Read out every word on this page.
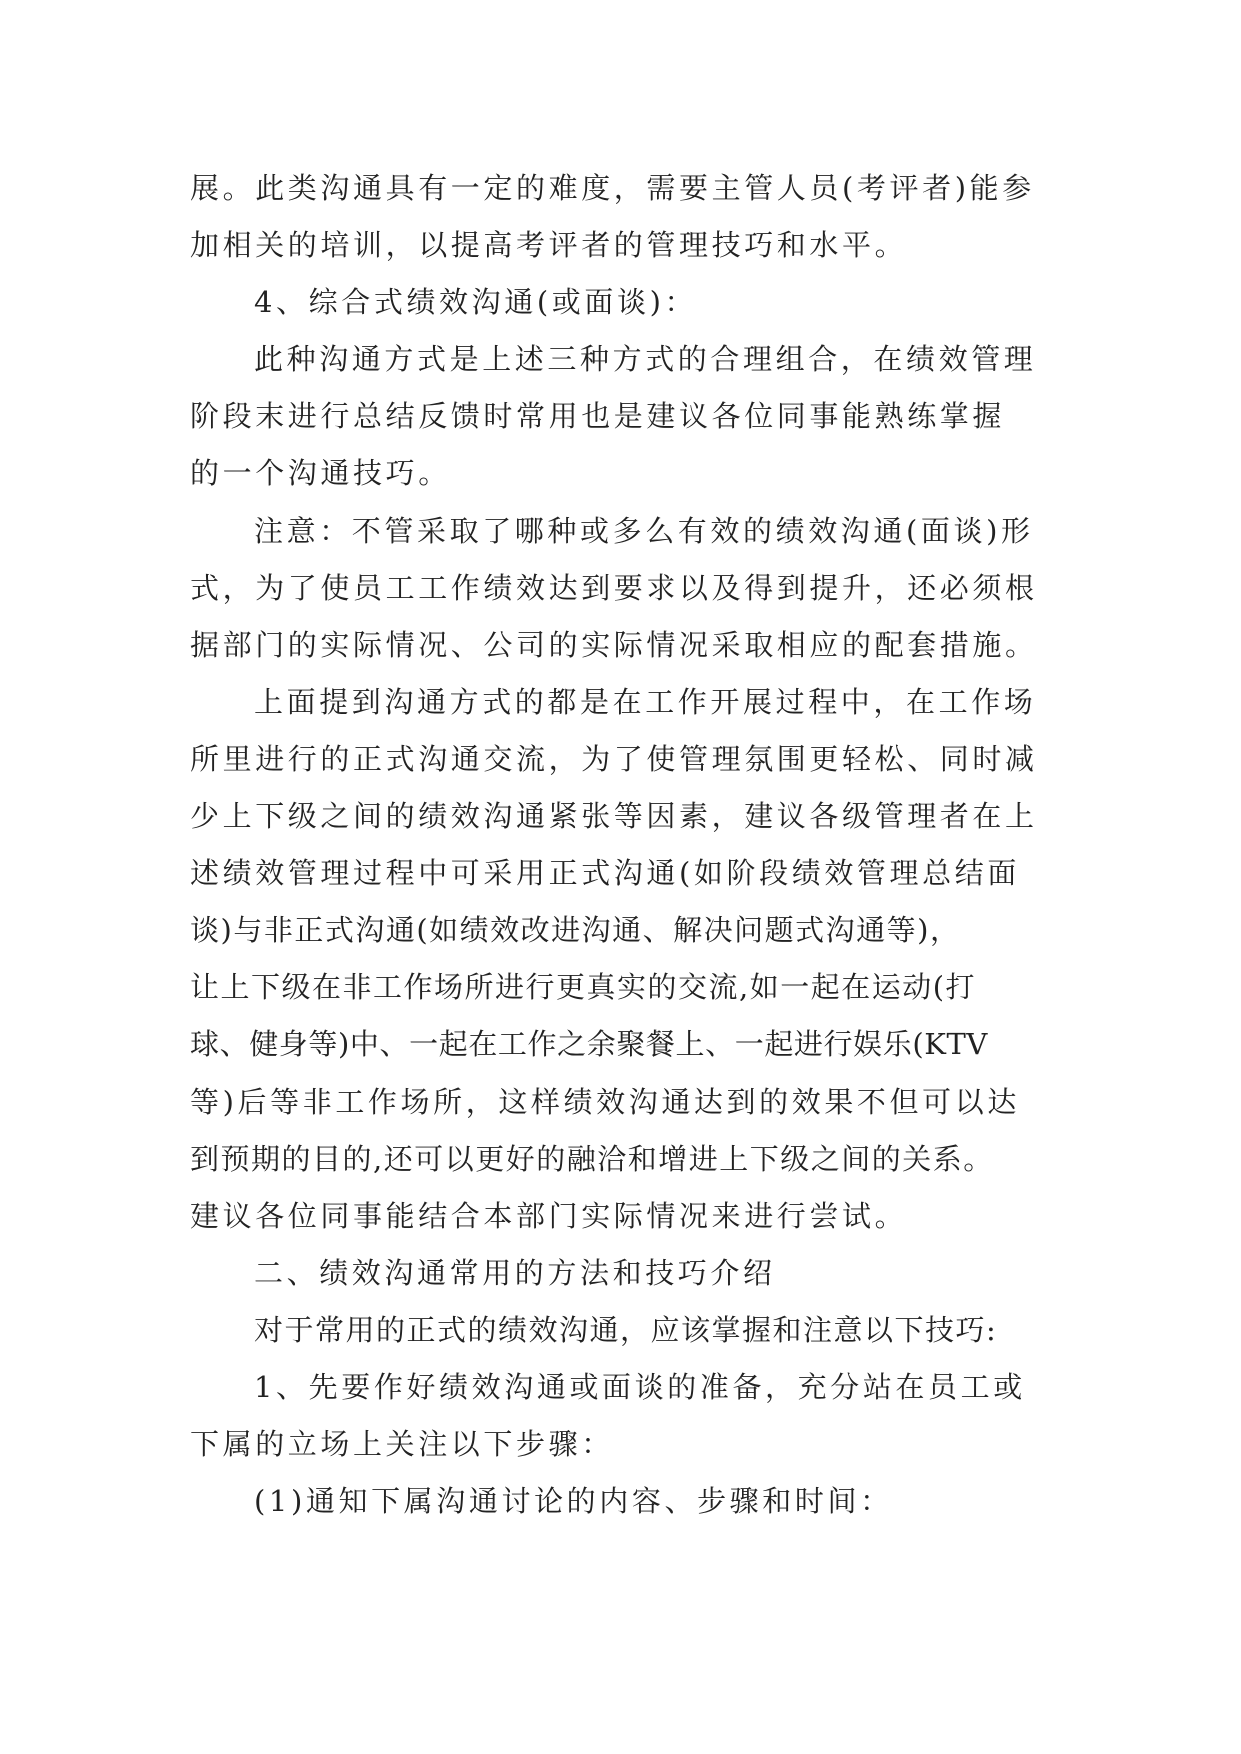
展。此类沟通具有一定的难度，需要主管人员(考评者)能参
加相关的培训，以提高考评者的管理技巧和水平。
4、综合式绩效沟通(或面谈)：
此种沟通方式是上述三种方式的合理组合，在绩效管理
阶段末进行总结反馈时常用也是建议各位同事能熟练掌握
的一个沟通技巧。
注意：不管采取了哪种或多么有效的绩效沟通(面谈)形
式，为了使员工工作绩效达到要求以及得到提升，还必须根
据部门的实际情况、公司的实际情况采取相应的配套措施。
上面提到沟通方式的都是在工作开展过程中，在工作场
所里进行的正式沟通交流，为了使管理氛围更轻松、同时减
少上下级之间的绩效沟通紧张等因素，建议各级管理者在上
述绩效管理过程中可采用正式沟通(如阶段绩效管理总结面
谈)与非正式沟通(如绩效改进沟通、解决问题式沟通等)，
让上下级在非工作场所进行更真实的交流,如一起在运动(打
球、健身等)中、一起在工作之余聚餐上、一起进行娱乐(KTV
等)后等非工作场所，这样绩效沟通达到的效果不但可以达
到预期的目的,还可以更好的融洽和增进上下级之间的关系。
建议各位同事能结合本部门实际情况来进行尝试。
二、绩效沟通常用的方法和技巧介绍
对于常用的正式的绩效沟通，应该掌握和注意以下技巧:
1、先要作好绩效沟通或面谈的准备，充分站在员工或
下属的立场上关注以下步骤：
(1)通知下属沟通讨论的内容、步骤和时间：
